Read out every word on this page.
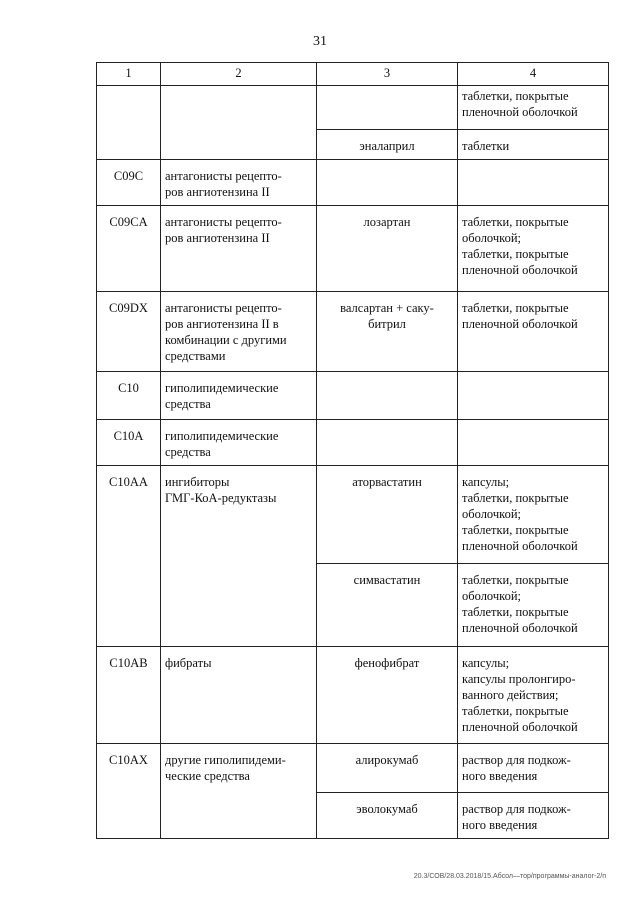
31
1	2	3	4

			таблетки, покрытые
пленочной оболочкой

		эналаприл	таблетки

C09C	антагонисты рецепто-
ров ангиотензина II		

C09CA	антагонисты рецепто-
ров ангиотензина II	лозартан	таблетки, покрытые
оболочкой;
таблетки, покрытые
пленочной оболочкой

C09DX	антагонисты рецепто-
ров ангиотензина II в
комбинации с другими
средствами	валсартан + саку-
битрил	таблетки, покрытые
пленочной оболочкой

C10	гиполипидемические
средства		

C10A	гиполипидемические
средства		

C10AA	ингибиторы
ГМГ-КоА-редуктазы	аторвастатин	капсулы;
таблетки, покрытые
оболочкой;
таблетки, покрытые
пленочной оболочкой

		симвастатин	таблетки, покрытые
оболочкой;
таблетки, покрытые
пленочной оболочкой

C10AB	фибраты	фенофибрат	капсулы;
капсулы пролонгиро-
ванного действия;
таблетки, покрытые
пленочной оболочкой

C10AX	другие гиполипидеми-
ческие средства	алирокумаб	раствор для подкож-
ного введения

		эволокумаб	раствор для подкож-
ного введения
20.3/СОВ/28.03.2018/15.Абсол—тор/программы-аналог-2/п
